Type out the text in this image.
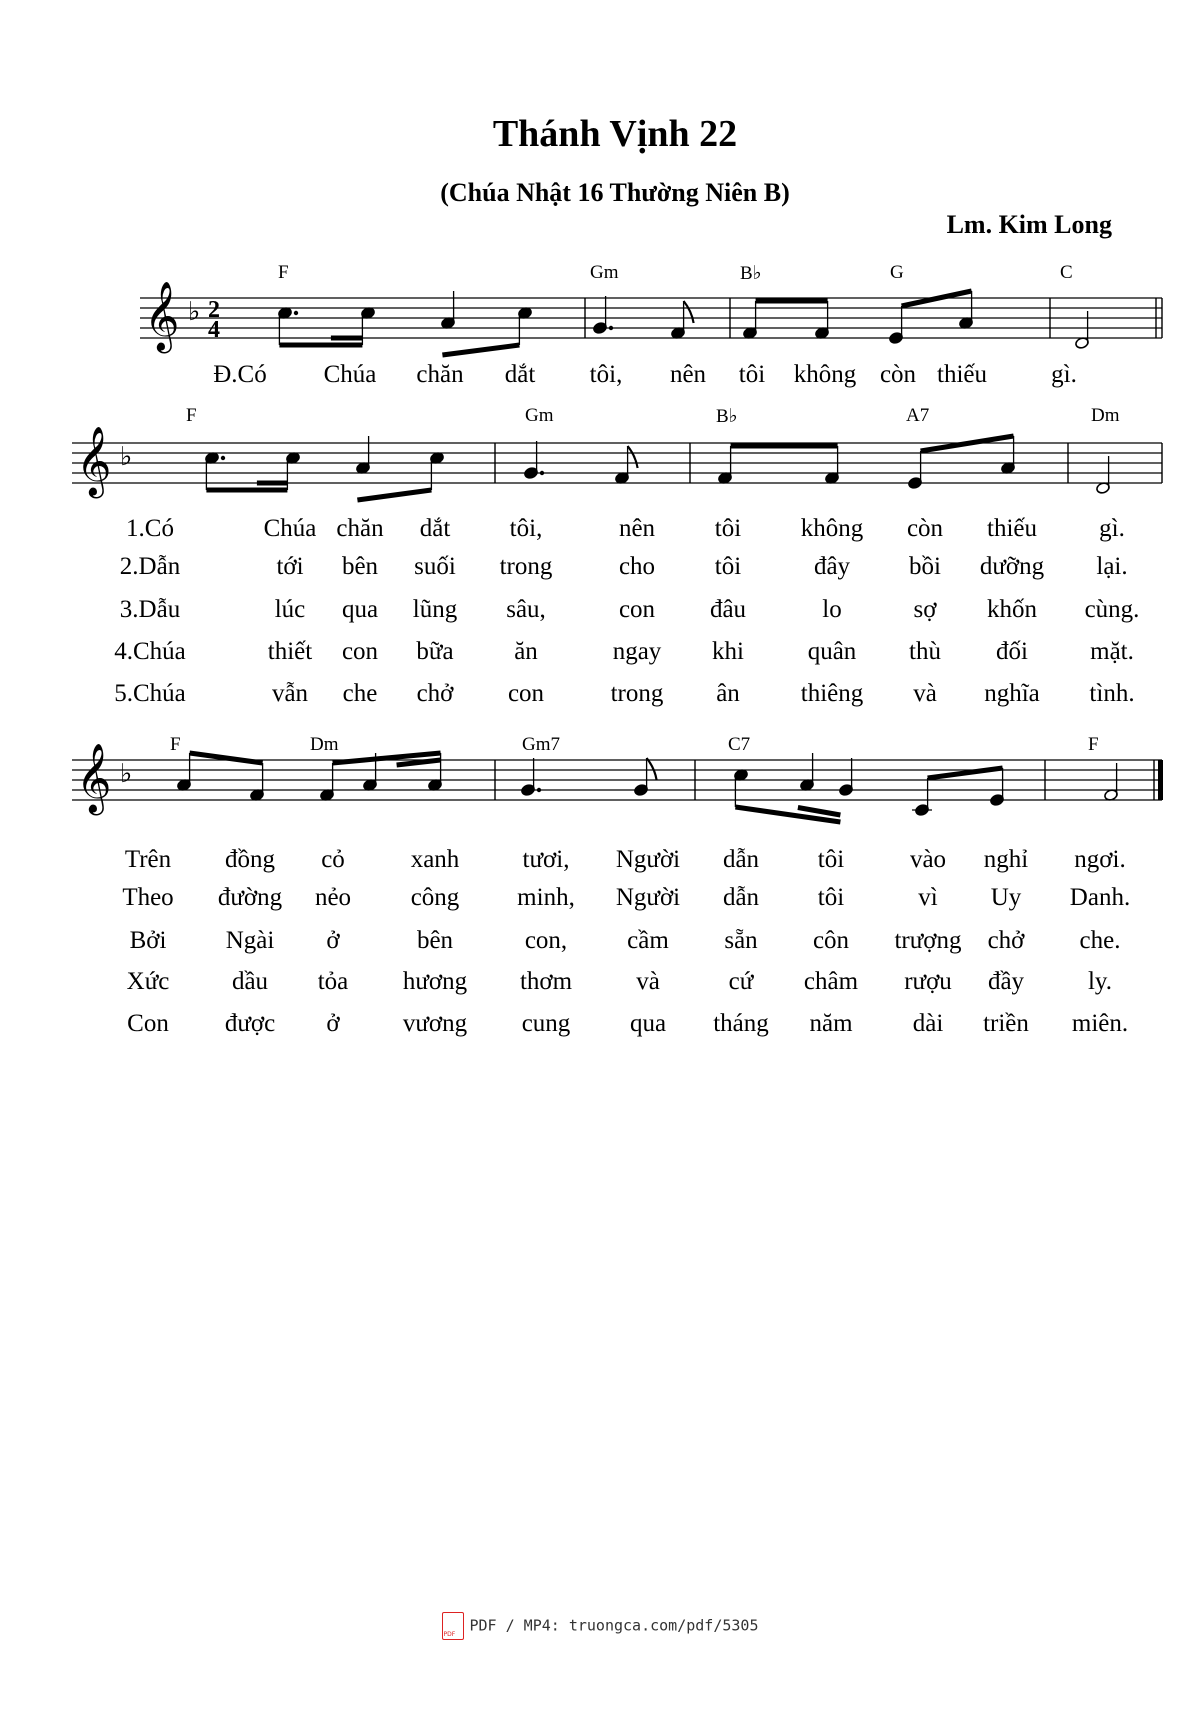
Thánh Vịnh 22
(Chúa Nhật 16 Thường Niên B)
Lm. Kim Long
𝄞 ♭ 2
4
F	Gm	B♭	G	C
Đ.Có Chúa chăn dắt tôi, nên tôi không còn thiếu	gì.
𝄞 ♭
F	Gm	B♭	A7	Dm
1.Có	Chúa chăn dắt tôi,	nên tôi không còn thiếu gì.
2.Dẫn	tới bên suối trong	cho tôi	đây bồi dưỡng lại.
3.Dẫu	lúc qua lũng sâu,	con đâu	lo	sợ khốn cùng.
4.Chúa	thiết con bữa ăn	ngay khi	quân thù đối mặt.
5.Chúa	vẫn che chở con	trong ân thiêng và nghĩa tình.
𝄞 ♭
F	Dm	Gm7	C7	F
Trên đồng cỏ	xanh	tươi, Người dẫn tôi	vào nghỉ ngơi.
Theo đường nẻo công minh, Người dẫn tôi	vì Uy Danh.
Bởi Ngài ở	bên	con, cầm sẵn côn trượng chở che.
Xức	dầu tỏa hương thơm	và	cứ châm rượu đầy	ly.
Con được ở	vương cung qua tháng năm dài triền miên.
PDFPDF / MP4: truongca.com/pdf/5305
